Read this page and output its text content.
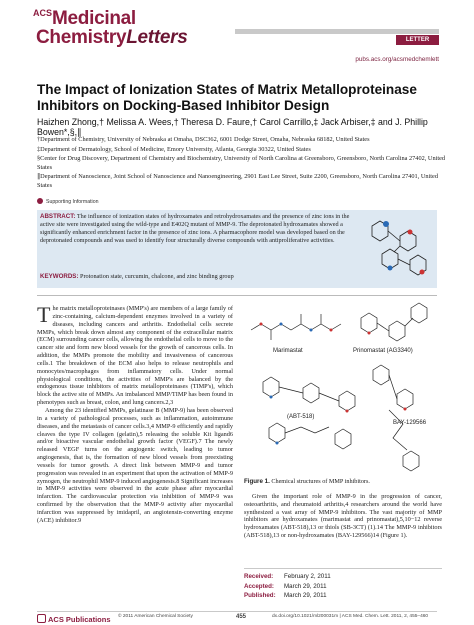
$^{ACS}$Medicinal
ChemistryLetters	LETTER
pubs.acs.org/acsmedchemlett
The Impact of Ionization States of Matrix Metalloproteinase Inhibitors on Docking-Based Inhibitor Design
Haizhen Zhong,† Melissa A. Wees,† Theresa D. Faure,† Carol Carrillo,‡ Jack Arbiser,‡ and J. Phillip Bowen*,§,∥

†Department of Chemistry, University of Nebraska at Omaha, DSC362, 6001 Dodge Street, Omaha, Nebraska 68182, United States

‡Department of Dermatology, School of Medicine, Emory University, Atlanta, Georgia 30322, United States

§Center for Drug Discovery, Department of Chemistry and Biochemistry, University of North Carolina at Greensboro, Greensboro, North Carolina 27402, United States

∥Department of Nanoscience, Joint School of Nanoscience and Nanoengineering, 2901 East Lee Street, Suite 2200, Greensboro, North Carolina 27401, United States

Supporting Information
ABSTRACT: The influence of ionization states of hydroxamates and retrohydroxamates and the presence of zinc ions in the active site were investigated using the wild-type and E402Q mutant of MMP-9. The deprotonated hydroxamates showed a significantly enhanced enrichment factor in the presence of zinc ions. A pharmacophore model was developed based on the deprotonated compounds and was used to identify four structurally diverse compounds with antiproliferative activities.
KEYWORDS: Protonation state, curcumin, chalcone, and zinc binding group

The matrix metalloproteinases (MMP's) are members of a large family of zinc-containing, calcium-dependent enzymes involved in a variety of diseases, including cancers and arthritis. Endothelial cells secrete MMPs, which break down almost any component of the extracellular matrix (ECM) surrounding cancer cells, allowing the endothelial cells to move to the cancer site and form new blood vessels for the growth of cancerous cells. In addition, the MMPs promote the mobility and invasiveness of cancerous cells.1 The breakdown of the ECM also helps to release neutrophils and monocytes/macrophages from inflammatory cells. Under normal physiological conditions, the activities of MMP's are balanced by the endogenous tissue inhibitors of matrix metalloproteinases (TIMP's), which block the active site of MMPs. An imbalanced MMP/TIMP has been found in phenotypes such as breast, colon, and lung cancers.2,3

Among the 23 identified MMPs, gelatinase B (MMP-9) has been observed in a variety of pathological processes, such as inflammation, autoimmune diseases, and the metastasis of cancer cells.3,4 MMP-9 efficiently and rapidly cleaves the type IV collagen (gelatin),5 releasing the soluble Kit ligand6 and/or bioactive vascular endothelial growth factor (VEGF).7 The newly released VEGF turns on the angiogenic switch, leading to tumor angiogenesis, that is, the formation of new blood vessels from preexisting vessels for tumor growth. A direct link between MMP-9 and tumor progression was revealed in an experiment that upon the activation of MMP-9 zymogen, the neutrophil MMP-9 induced angiogenesis.8 Significant increases in MMP-9 activities were observed in the acute phase after myocardial infarction. The cardiovascular protection via inhibition of MMP-9 was confirmed by the observation that the MMP-9 activity after myocardial infarction was suppressed by imidapril, an angiotensin-converting enzyme (ACE) inhibitor.9

Marimastat	Prinomastat (AG3340)
(ABT-518)
BAY-129566
Figure 1. Chemical structures of MMP inhibitors.

Given the important role of MMP-9 in the progression of cancer, osteoarthritis, and rheumatoid arthritis,4 researchers around the world have synthesized a vast array of MMP-9 inhibitors. The vast majority of MMP inhibitors are hydroxamates (marimastat and prinomastat),5,10−12 reverse hydroxamates (ABT-518),13 or thiols (SB-3CT) (1).14 The MMP-9 inhibitors (ABT-518),13 or non-hydroxamates (BAY-129566)14 (Figure 1).

Received: February 2, 2011
Accepted: March 29, 2011
Published: March 29, 2011
ACS Publications © 2011 American Chemical Society	455	dx.doi.org/10.1021/ml200031m | ACS Med. Chem. Lett. 2011, 2, 455–460
